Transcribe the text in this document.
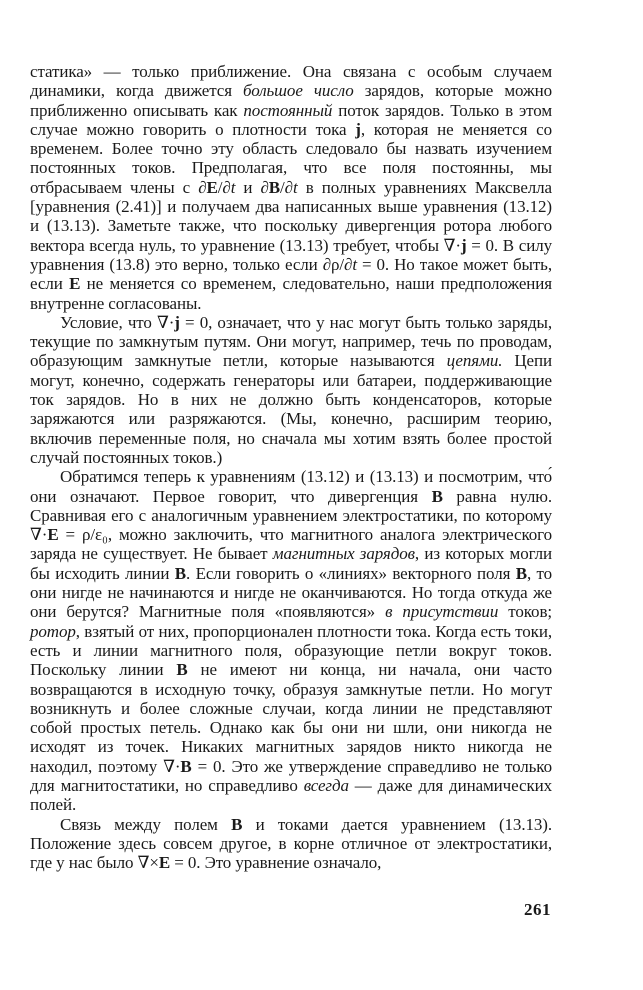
статика» — только приближение. Она связана с особым случаем динамики, когда движется большое число зарядов, которые можно приближенно описывать как постоянный поток зарядов. Только в этом случае можно говорить о плотности тока j, которая не меняется со временем. Более точно эту область следовало бы назвать изучением постоянных токов. Предполагая, что все поля постоянны, мы отбрасываем члены с ∂E/∂t и ∂B/∂t в полных уравнениях Максвелла [уравнения (2.41)] и получаем два написанных выше уравнения (13.12) и (13.13). Заметьте также, что поскольку дивергенция ротора любого вектора всегда нуль, то уравнение (13.13) требует, чтобы ∇·j = 0. В силу уравнения (13.8) это верно, только если ∂ρ/∂t = 0. Но такое может быть, если E не меняется со временем, следовательно, наши предположения внутренне согласованы.

Условие, что ∇·j = 0, означает, что у нас могут быть только заряды, текущие по замкнутым путям. Они могут, например, течь по проводам, образующим замкнутые петли, которые называются цепями. Цепи могут, конечно, содержать генераторы или батареи, поддерживающие ток зарядов. Но в них не должно быть конденсаторов, которые заряжаются или разряжаются. (Мы, конечно, расширим теорию, включив переменные поля, но сначала мы хотим взять более простой случай постоянных токов.)

Обратимся теперь к уравнениям (13.12) и (13.13) и посмотрим, что́ они означают. Первое говорит, что дивергенция B равна нулю. Сравнивая его с аналогичным уравнением электростатики, по которому ∇·E = ρ/ε₀, можно заключить, что магнитного аналога электрического заряда не существует. Не бывает магнитных зарядов, из которых могли бы исходить линии B. Если говорить о «линиях» векторного поля B, то они нигде не начинаются и нигде не оканчиваются. Но тогда откуда же они берутся? Магнитные поля «появляются» в присутствии токов; ротор, взятый от них, пропорционален плотности тока. Когда есть токи, есть и линии магнитного поля, образующие петли вокруг токов. Поскольку линии B не имеют ни конца, ни начала, они часто возвращаются в исходную точку, образуя замкнутые петли. Но могут возникнуть и более сложные случаи, когда линии не представляют собой простых петель. Однако как бы они ни шли, они никогда не исходят из точек. Никаких магнитных зарядов никто никогда не находил, поэтому ∇·B = 0. Это же утверждение справедливо не только для магнитостатики, но справедливо всегда — даже для динамических полей.

Связь между полем B и токами дается уравнением (13.13). Положение здесь совсем другое, в корне отличное от электростатики, где у нас было ∇×E = 0. Это уравнение означало,

261
